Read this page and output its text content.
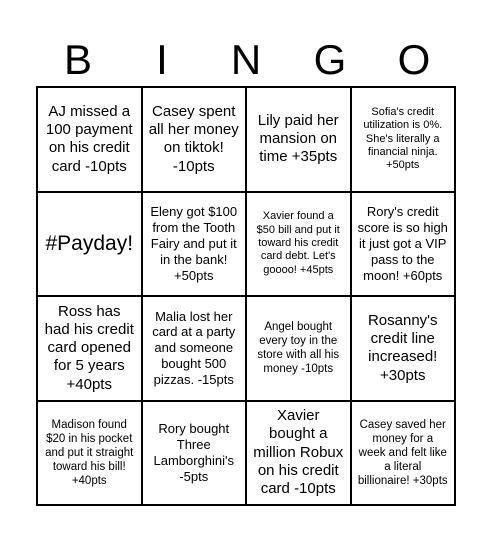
B	I	N	G	O
AJ missed a 100 payment on his credit card -10pts
Casey spent all her money on tiktok! -10pts
Lily paid her mansion on time +35pts
Sofia's credit utilization is 0%. She's literally a financial ninja. +50pts
#Payday!
Eleny got $100 from the Tooth Fairy and put it in the bank! +50pts
Xavier found a $50 bill and put it toward his credit card debt. Let's goooo! +45pts
Rory's credit score is so high it just got a VIP pass to the moon! +60pts
Ross has had his credit card opened for 5 years +40pts
Malia lost her card at a party and someone bought 500 pizzas. -15pts
Angel bought every toy in the store with all his money -10pts
Rosanny's credit line increased! +30pts
Madison found $20 in his pocket and put it straight toward his bill! +40pts
Rory bought Three Lamborghini's -5pts
Xavier bought a million Robux on his credit card -10pts
Casey saved her money for a week and felt like a literal billionaire! +30pts
